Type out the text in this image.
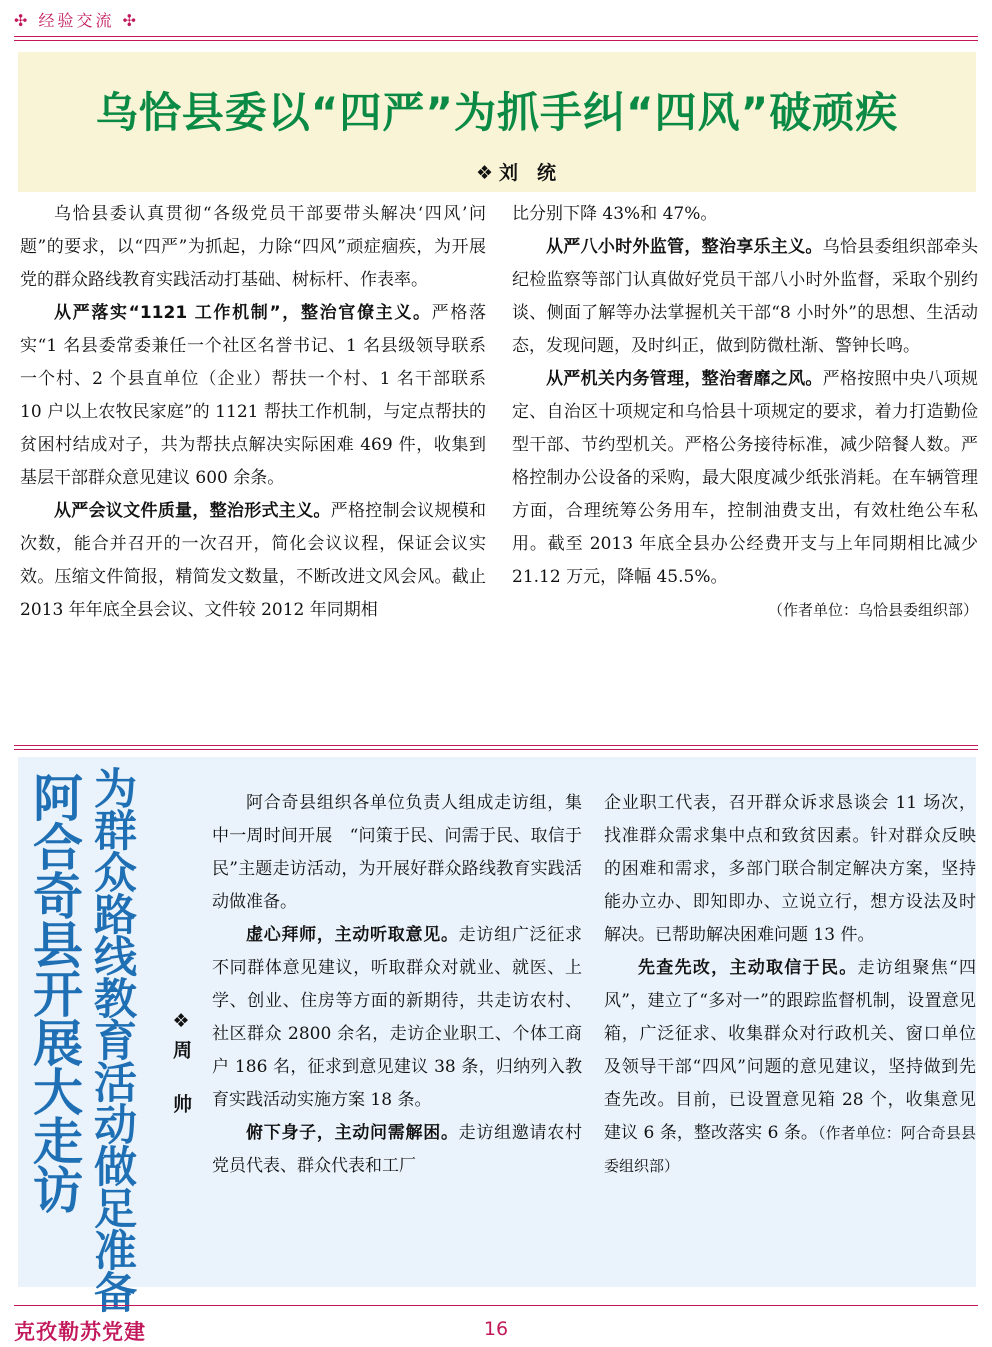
✣ 经验交流 ✣
乌恰县委以“四严”为抓手纠“四风”破顽疾
❖ 刘　统

乌恰县委认真贯彻“各级党员干部要带头解决‘四风’问题”的要求，以“四严”为抓起，力除“四风”顽症痼疾，为开展党的群众路线教育实践活动打基础、树标杆、作表率。

从严落实“1121 工作机制”，整治官僚主义。严格落实“1 名县委常委兼任一个社区名誉书记、1 名县级领导联系一个村、2 个县直单位（企业）帮扶一个村、1 名干部联系 10 户以上农牧民家庭”的 1121 帮扶工作机制，与定点帮扶的贫困村结成对子，共为帮扶点解决实际困难 469 件，收集到基层干部群众意见建议 600 余条。

从严会议文件质量，整治形式主义。严格控制会议规模和次数，能合并召开的一次召开，简化会议议程，保证会议实效。压缩文件简报，精简发文数量，不断改进文风会风。截止 2013 年年底全县会议、文件较 2012 年同期相

比分别下降 43%和 47%。

从严八小时外监管，整治享乐主义。乌恰县委组织部牵头纪检监察等部门认真做好党员干部八小时外监督，采取个别约谈、侧面了解等办法掌握机关干部“8 小时外”的思想、生活动态，发现问题，及时纠正，做到防微杜渐、警钟长鸣。

从严机关内务管理，整治奢靡之风。严格按照中央八项规定、自治区十项规定和乌恰县十项规定的要求，着力打造勤俭型干部、节约型机关。严格公务接待标准，减少陪餐人数。严格控制办公设备的采购，最大限度减少纸张消耗。在车辆管理方面，合理统筹公务用车，控制油费支出，有效杜绝公车私用。截至 2013 年底全县办公经费开支与上年同期相比减少 21.12 万元，降幅 45.5%。

（作者单位：乌恰县委组织部）
阿合奇县开展大走访 为群众路线教育活动做足准备 ❖周　帅

阿合奇县组织各单位负责人组成走访组，集中一周时间开展　“问策于民、问需于民、取信于民”主题走访活动，为开展好群众路线教育实践活动做准备。

虚心拜师，主动听取意见。走访组广泛征求不同群体意见建议，听取群众对就业、就医、上学、创业、住房等方面的新期待，共走访农村、社区群众 2800 余名，走访企业职工、个体工商户 186 名，征求到意见建议 38 条，归纳列入教育实践活动实施方案 18 条。

俯下身子，主动问需解困。走访组邀请农村党员代表、群众代表和工厂

企业职工代表，召开群众诉求恳谈会 11 场次，找准群众需求集中点和致贫因素。针对群众反映的困难和需求，多部门联合制定解决方案，坚持能办立办、即知即办、立说立行，想方设法及时解决。已帮助解决困难问题 13 件。

先查先改，主动取信于民。走访组聚焦“四风”，建立了“多对一”的跟踪监督机制，设置意见箱，广泛征求、收集群众对行政机关、窗口单位及领导干部“四风”问题的意见建议，坚持做到先查先改。目前，已设置意见箱 28 个，收集意见建议 6 条，整改落实 6 条。（作者单位：阿合奇县县委组织部）

克孜勒苏党建	16
